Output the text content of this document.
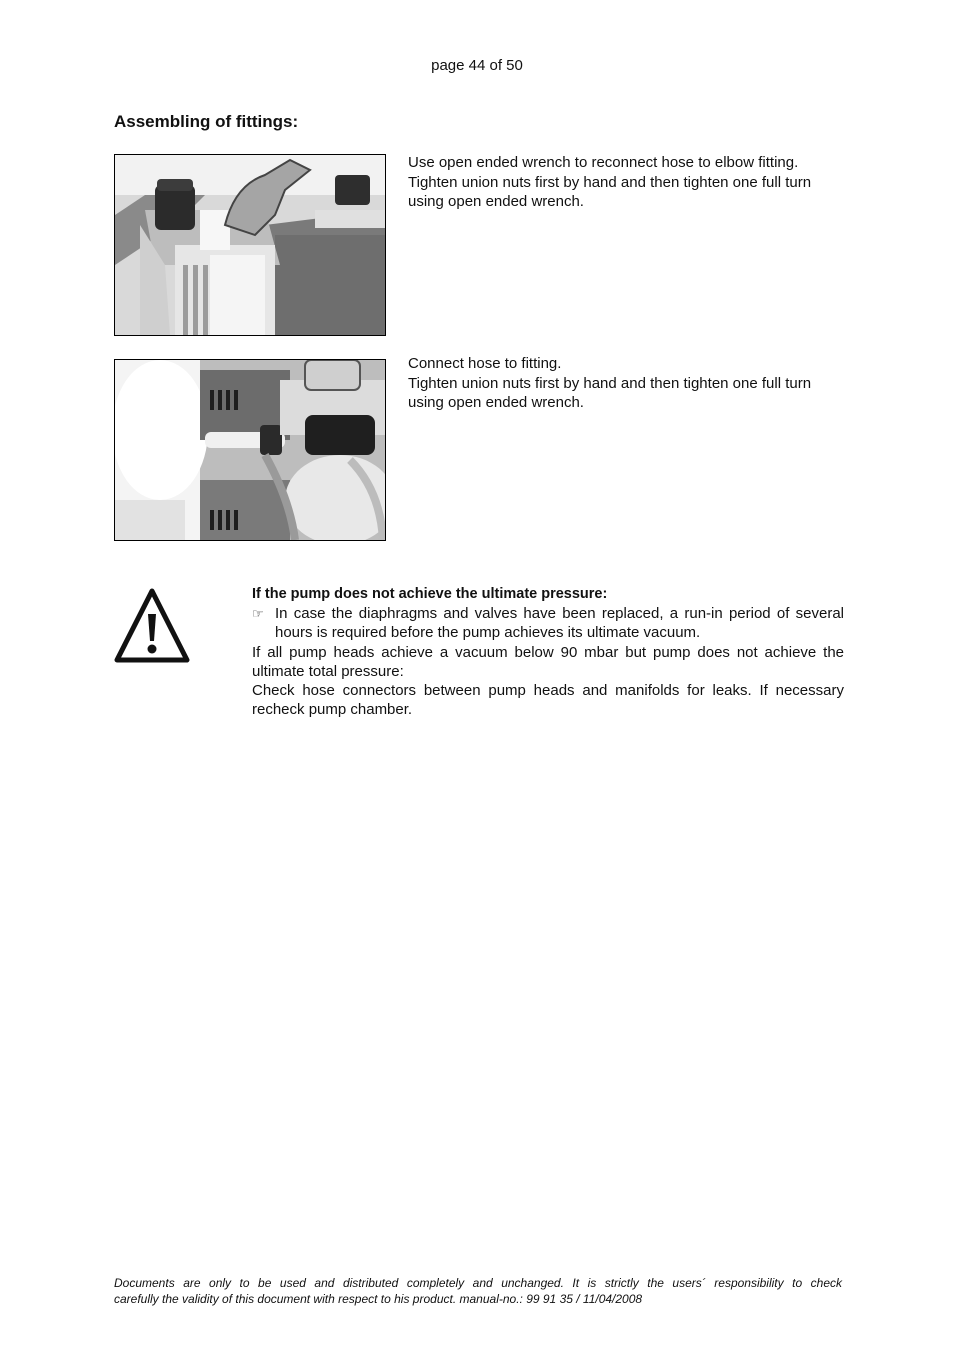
page 44 of 50
Assembling of fittings:

Use open ended wrench to reconnect hose to elbow fitting.

Tighten union nuts first by hand and then tighten one full turn using open ended wrench.

Connect hose to fitting.

Tighten union nuts first by hand and then tighten one full turn using open ended wrench.

If the pump does not achieve the ultimate pressure:

☞ In case the diaphragms and valves have been replaced, a run-in period of several hours is required before the pump achieves its ultimate vacuum.

If all pump heads achieve a vacuum below 90 mbar but pump does not achieve the ultimate total pressure:

Check hose connectors between pump heads and manifolds for leaks. If necessary recheck pump chamber.

Documents are only to be used and distributed completely and unchanged. It is strictly the users´ responsibility to check

carefully the validity of this document with respect to his product. manual-no.: 99 91 35 / 11/04/2008
